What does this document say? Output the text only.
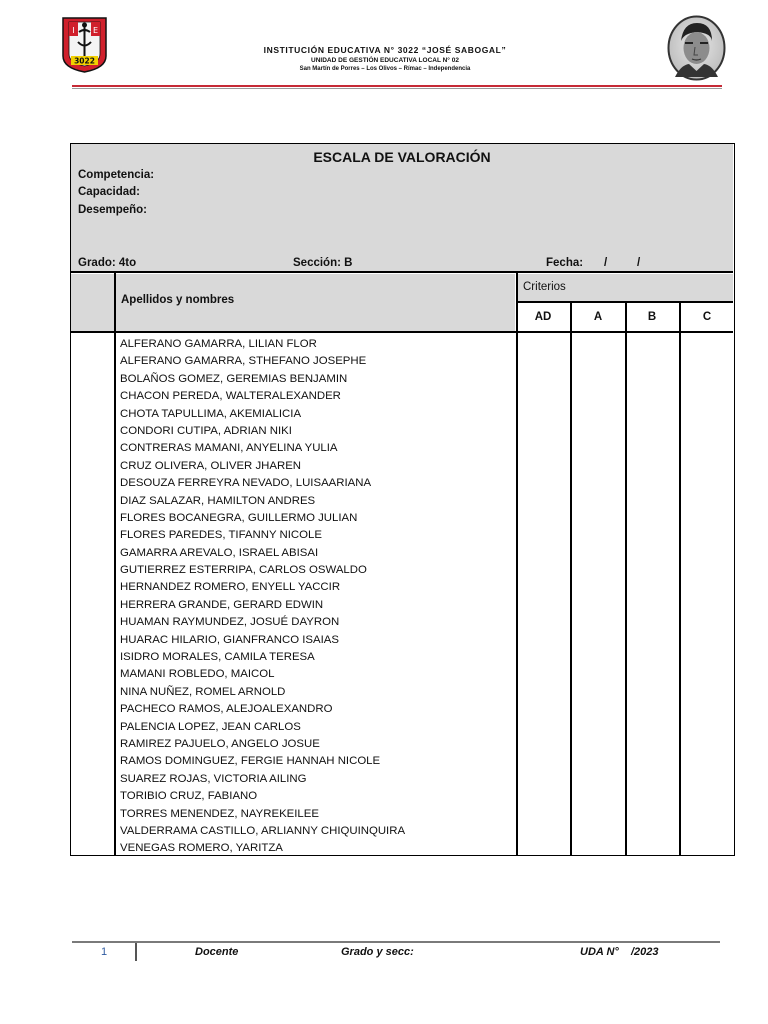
I E
3022
INSTITUCIÓN EDUCATIVA N° 3022 “JOSÉ SABOGAL”
UNIDAD DE GESTIÓN EDUCATIVA LOCAL N° 02
San Martín de Porres – Los Olivos – Rímac – Independencia
ESCALA DE VALORACIÓN
Competencia:
Capacidad:
Desempeño:
Grado: 4to	Sección: B	Fecha: /	/
Apellidos y nombres
Criterios
AD	A	B	C
ALFERANO GAMARRA, LILIAN FLOR
ALFERANO GAMARRA, STHEFANO JOSEPHE
BOLAÑOS GOMEZ, GEREMIAS BENJAMIN
CHACON PEREDA, WALTERALEXANDER
CHOTA TAPULLIMA, AKEMIALICIA
CONDORI CUTIPA, ADRIAN NIKI
CONTRERAS MAMANI, ANYELINA YULIA
CRUZ OLIVERA, OLIVER JHAREN
DESOUZA FERREYRA NEVADO, LUISAARIANA
DIAZ SALAZAR, HAMILTON ANDRES
FLORES BOCANEGRA, GUILLERMO JULIAN
FLORES PAREDES, TIFANNY NICOLE
GAMARRA AREVALO, ISRAEL ABISAI
GUTIERREZ ESTERRIPA, CARLOS OSWALDO
HERNANDEZ ROMERO, ENYELL YACCIR
HERRERA GRANDE, GERARD EDWIN
HUAMAN RAYMUNDEZ, JOSUÉ DAYRON
HUARAC HILARIO, GIANFRANCO ISAIAS
ISIDRO MORALES, CAMILA TERESA
MAMANI ROBLEDO, MAICOL
NINA NUÑEZ, ROMEL ARNOLD
PACHECO RAMOS, ALEJOALEXANDRO
PALENCIA LOPEZ, JEAN CARLOS
RAMIREZ PAJUELO, ANGELO JOSUE
RAMOS DOMINGUEZ, FERGIE HANNAH NICOLE
SUAREZ ROJAS, VICTORIA AILING
TORIBIO CRUZ, FABIANO
TORRES MENENDEZ, NAYREKEILEE
VALDERRAMA CASTILLO, ARLIANNY CHIQUINQUIRA
VENEGAS ROMERO, YARITZA
1	Docente	Grado y secc:	UDA N° /2023
